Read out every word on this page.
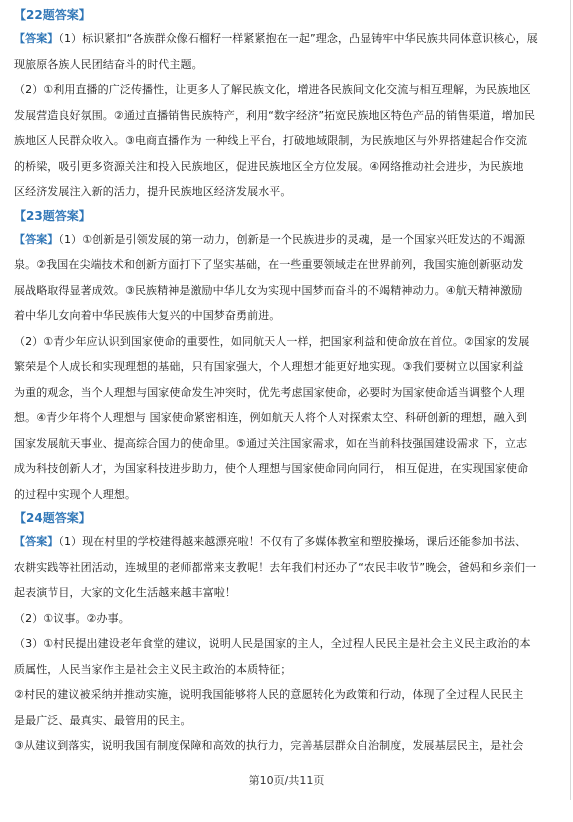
【22题答案】
【答案】（1）标识紧扣“各族群众像石榴籽一样紧紧抱在一起”理念，凸显铸牢中华民族共同体意识核心，展
现旅原各族人民团结奋斗的时代主题。
（2）①利用直播的广泛传播性，让更多人了解民族文化，增进各民族间文化交流与相互理解，为民族地区
发展营造良好氛围。②通过直播销售民族特产，利用“数字经济”拓宽民族地区特色产品的销售渠道，增加民
族地区人民群众收入。③电商直播作为 一种线上平台，打破地域限制，为民族地区与外界搭建起合作交流
的桥梁，吸引更多资源关注和投入民族地区，促进民族地区全方位发展。④网络推动社会进步，为民族地
区经济发展注入新的活力，提升民族地区经济发展水平。
【23题答案】
【答案】（1）①创新是引领发展的第一动力，创新是一个民族进步的灵魂，是一个国家兴旺发达的不竭源
泉。②我国在尖端技术和创新方面打下了坚实基础，在一些重要领域走在世界前列，我国实施创新驱动发
展战略取得显著成效。③民族精神是激励中华儿女为实现中国梦而奋斗的不竭精神动力。④航天精神激励
着中华儿女向着中华民族伟大复兴的中国梦奋勇前进。
（2）①青少年应认识到国家使命的重要性，如同航天人一样，把国家利益和使命放在首位。②国家的发展
繁荣是个人成长和实现理想的基础，只有国家强大，个人理想才能更好地实现。③我们要树立以国家利益
为重的观念，当个人理想与国家使命发生冲突时，优先考虑国家使命，必要时为国家使命适当调整个人理
想。④青少年将个人理想与 国家使命紧密相连，例如航天人将个人对探索太空、科研创新的理想，融入到
国家发展航天事业、提高综合国力的使命里。⑤通过关注国家需求，如在当前科技强国建设需求 下，立志
成为科技创新人才，为国家科技进步助力，使个人理想与国家使命同向同行， 相互促进，在实现国家使命
的过程中实现个人理想。
【24题答案】
【答案】（1）现在村里的学校建得越来越漂亮啦！不仅有了多媒体教室和塑胶操场，课后还能参加书法、
农耕实践等社团活动，连城里的老师都常来支教呢！去年我们村还办了“农民丰收节”晚会，爸妈和乡亲们一
起表演节目，大家的文化生活越来越丰富啦！
（2）①议事。②办事。
（3）①村民提出建设老年食堂的建议，说明人民是国家的主人，全过程人民民主是社会主义民主政治的本
质属性，人民当家作主是社会主义民主政治的本质特征；
②村民的建议被采纳并推动实施，说明我国能够将人民的意愿转化为政策和行动，体现了全过程人民民主
是最广泛、最真实、最管用的民主。
③从建议到落实，说明我国有制度保障和高效的执行力，完善基层群众自治制度，发展基层民主，是社会
第10页/共11页
